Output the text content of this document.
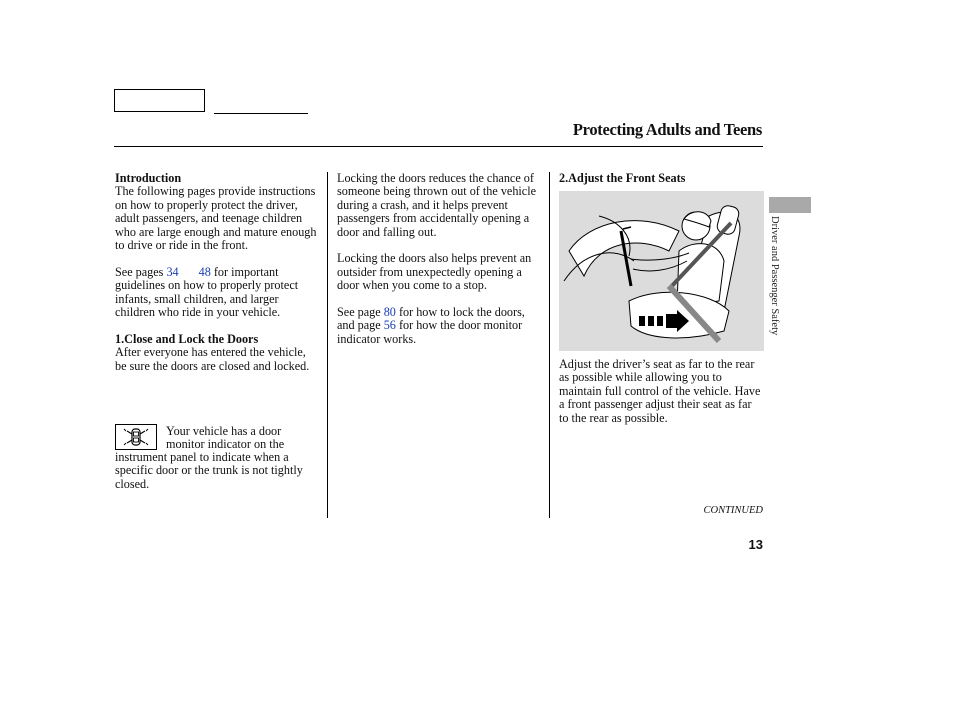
Protecting Adults and Teens

Introduction

The following pages provide instructions on how to properly protect the driver, adult passengers, and teenage children who are large enough and mature enough to drive or ride in the front.

See pages 34 48 for important guidelines on how to properly protect infants, small children, and larger children who ride in your vehicle.

1.Close and Lock the Doors

After everyone has entered the vehicle, be sure the doors are closed and locked.

Your vehicle has a door monitor indicator on the
instrument panel to indicate when a specific door or the trunk is not tightly closed.

Locking the doors reduces the chance of someone being thrown out of the vehicle during a crash, and it helps prevent passengers from accidentally opening a door and falling out.

Locking the doors also helps prevent an outsider from unexpectedly opening a door when you come to a stop.

See page 80 for how to lock the doors, and page 56 for how the door monitor indicator works.

2.Adjust the Front Seats

Adjust the driver’s seat as far to the rear as possible while allowing you to maintain full control of the vehicle. Have a front passenger adjust their seat as far to the rear as possible.
Driver and Passenger Safety
CONTINUED
13
